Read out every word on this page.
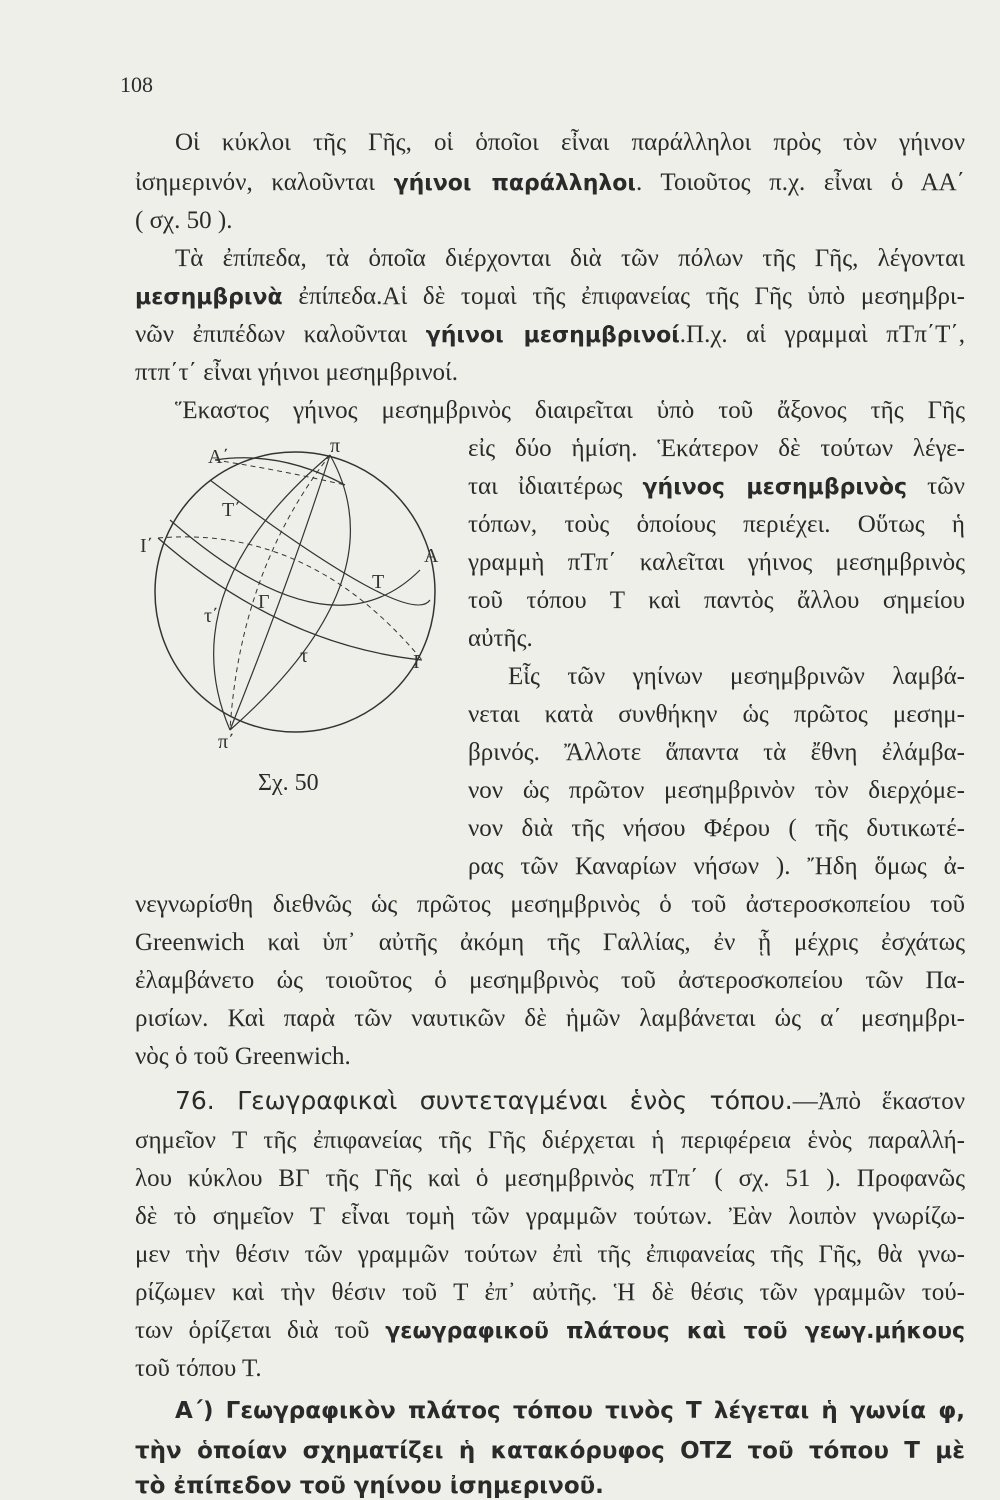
108
Οἱ κύκλοι τῆς Γῆς, οἱ ὁποῖοι εἶναι παράλληλοι πρὸς τὸν γήινον
ἰσημερινόν, καλοῦνται γήινοι παράλληλοι. Τοιοῦτος π.χ. εἶναι ὁ ΑΑ΄
( σχ. 50 ).
Τὰ ἐπίπεδα, τὰ ὁποῖα διέρχονται διὰ τῶν πόλων τῆς Γῆς, λέγονται
μεσημβρινὰ ἐπίπεδα.Αἱ δὲ τομαὶ τῆς ἐπιφανείας τῆς Γῆς ὑπὸ μεσημβρι-
νῶν ἐπιπέδων καλοῦνται γήινοι μεσημβρινοί.Π.χ. αἱ γραμμαὶ πΤπ΄Τ΄,
πτπ΄τ΄ εἶναι γήινοι μεσημβρινοί.
Ἕκαστος γήινος μεσημβρινὸς διαιρεῖται ὑπὸ τοῦ ἄξονος τῆς Γῆς
εἰς δύο ἡμίση. Ἑκάτερον δὲ τούτων λέγε-
ται ἰδιαιτέρως γήινος μεσημβρινὸς τῶν
τόπων, τοὺς ὁποίους περιέχει. Οὕτως ἡ
γραμμὴ πΤπ΄ καλεῖται γήινος μεσημβρινὸς
τοῦ τόπου Τ καὶ παντὸς ἄλλου σημείου
αὐτῆς.
Εἷς τῶν γηίνων μεσημβρινῶν λαμβά-
νεται κατὰ συνθήκην ὡς πρῶτος μεσημ-
βρινός. Ἄλλοτε ἅπαντα τὰ ἔθνη ἐλάμβα-
νον ὡς πρῶτον μεσημβρινὸν τὸν διερχόμε-
νον διὰ τῆς νήσου Φέρου ( τῆς δυτικωτέ-
ρας τῶν Καναρίων νήσων ). Ἤδη ὅμως ἀ-
νεγνωρίσθη διεθνῶς ὡς πρῶτος μεσημβρινὸς ὁ τοῦ ἀστεροσκοπείου τοῦ
Greenwich καὶ ὑπ᾿ αὐτῆς ἀκόμη τῆς Γαλλίας, ἐν ᾗ μέχρις ἐσχάτως
ἐλαμβάνετο ὡς τοιοῦτος ὁ μεσημβρινὸς τοῦ ἀστεροσκοπείου τῶν Πα-
ρισίων. Καὶ παρὰ τῶν ναυτικῶν δὲ ἡμῶν λαμβάνεται ὡς α΄ μεσημβρι-
νὸς ὁ τοῦ Greenwich.
Α΄	π
Τ΄
Ι΄	Α
Τ
τ΄
Γ
τ	Ι
π΄
Σχ. 50
76. Γεωγραφικαὶ συντεταγμέναι ἑνὸς τόπου.—Ἀπὸ ἕκαστον
σημεῖον Τ τῆς ἐπιφανείας τῆς Γῆς διέρχεται ἡ περιφέρεια ἑνὸς παραλλή-
λου κύκλου ΒΓ τῆς Γῆς καὶ ὁ μεσημβρινὸς πΤπ΄ ( σχ. 51 ). Προφανῶς
δὲ τὸ σημεῖον Τ εἶναι τομὴ τῶν γραμμῶν τούτων. Ἐὰν λοιπὸν γνωρίζω-
μεν τὴν θέσιν τῶν γραμμῶν τούτων ἐπὶ τῆς ἐπιφανείας τῆς Γῆς, θὰ γνω-
ρίζωμεν καὶ τὴν θέσιν τοῦ Τ ἐπ᾿ αὐτῆς. Ἡ δὲ θέσις τῶν γραμμῶν τού-
των ὁρίζεται διὰ τοῦ γεωγραφικοῦ πλάτους καὶ τοῦ γεωγ.μήκους
τοῦ τόπου Τ.
Α΄) Γεωγραφικὸν πλάτος τόπου τινὸς Τ λέγεται ἡ γωνία φ,
τὴν ὁποίαν σχηματίζει ἡ κατακόρυφος ΟΤΖ τοῦ τόπου Τ μὲ
τὸ ἐπίπεδον τοῦ γηίνου ἰσημερινοῦ.
